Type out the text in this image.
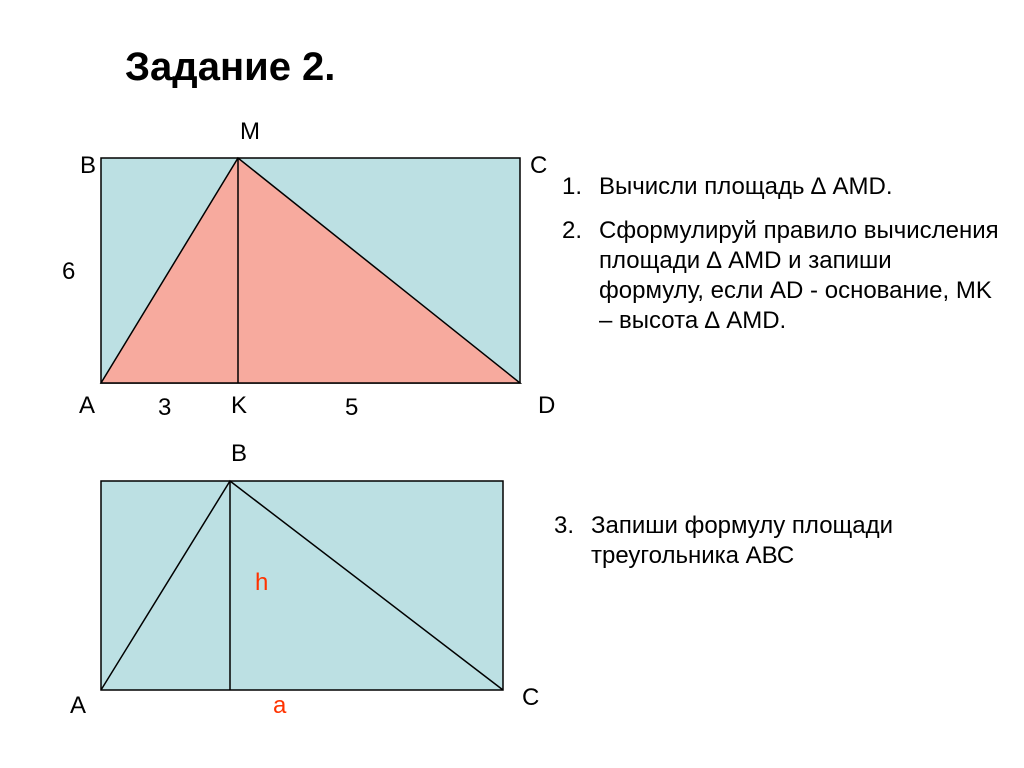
Задание 2.
M
B	C
6
A	3 K	5	D
B
h
A	a	C
1. Вычисли площадь ∆ AMD.
2. Сформулируй правило вычисления площади ∆ AMD и запиши формулу, если AD - основание, MK – высота ∆ AMD.
3. Запиши формулу площади треугольника АВС
